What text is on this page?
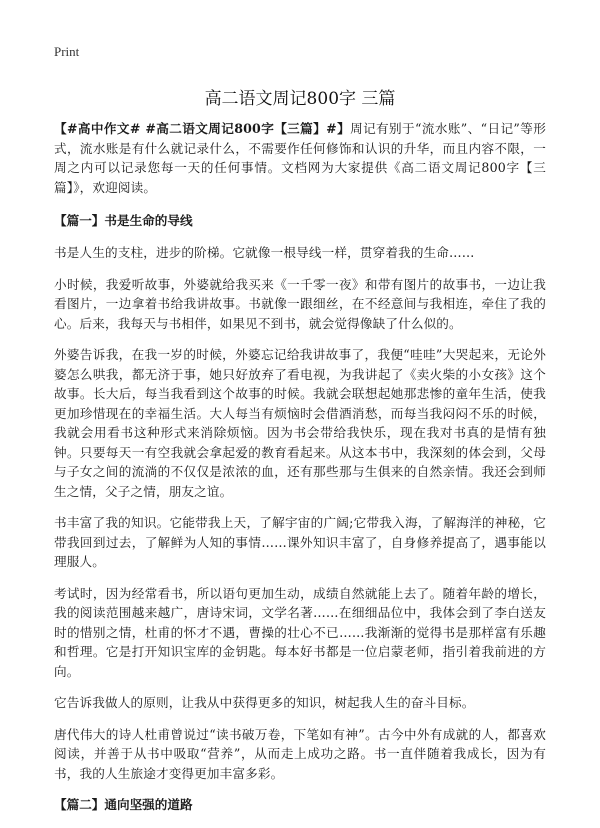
Print
高二语文周记800字 三篇

【#高中作文# #高二语文周记800字【三篇】#】周记有别于“流水账”、“日记”等形式，流水账是有什么就记录什么，不需要作任何修饰和认识的升华，而且内容不限，一周之内可以记录您每一天的任何事情。文档网为大家提供《高二语文周记800字【三篇】》，欢迎阅读。

【篇一】书是生命的导线

书是人生的支柱，进步的阶梯。它就像一根导线一样，贯穿着我的生命……

小时候，我爱听故事，外婆就给我买来《一千零一夜》和带有图片的故事书，一边让我看图片，一边拿着书给我讲故事。书就像一跟细丝，在不经意间与我相连，牵住了我的心。后来，我每天与书相伴，如果见不到书，就会觉得像缺了什么似的。

外婆告诉我，在我一岁的时候，外婆忘记给我讲故事了，我便“哇哇”大哭起来，无论外婆怎么哄我，都无济于事，她只好放弃了看电视，为我讲起了《卖火柴的小女孩》这个故事。长大后，每当我看到这个故事的时候。我就会联想起她那悲惨的童年生活，使我更加珍惜现在的幸福生活。大人每当有烦恼时会借酒消愁，而每当我闷闷不乐的时候，我就会用看书这种形式来消除烦恼。因为书会带给我快乐，现在我对书真的是情有独钟。只要每天一有空我就会拿起爱的教育看起来。从这本书中，我深刻的体会到，父母与子女之间的流淌的不仅仅是浓浓的血，还有那些那与生俱来的自然亲情。我还会到师生之情，父子之情，朋友之谊。

书丰富了我的知识。它能带我上天，了解宇宙的广阔;它带我入海，了解海洋的神秘，它带我回到过去，了解鲜为人知的事情……课外知识丰富了，自身修养提高了，遇事能以理服人。

考试时，因为经常看书，所以语句更加生动，成绩自然就能上去了。随着年龄的增长，我的阅读范围越来越广，唐诗宋词，文学名著……在细细品位中，我体会到了李白送友时的惜别之情，杜甫的怀才不遇，曹操的壮心不已……我渐渐的觉得书是那样富有乐趣和哲理。它是打开知识宝库的金钥匙。每本好书都是一位启蒙老师，指引着我前进的方向。

它告诉我做人的原则，让我从中获得更多的知识，树起我人生的奋斗目标。

唐代伟大的诗人杜甫曾说过“读书破万卷，下笔如有神”。古今中外有成就的人，都喜欢阅读，并善于从书中吸取“营养”，从而走上成功之路。书一直伴随着我成长，因为有书，我的人生旅途才变得更加丰富多彩。

【篇二】通向坚强的道路
